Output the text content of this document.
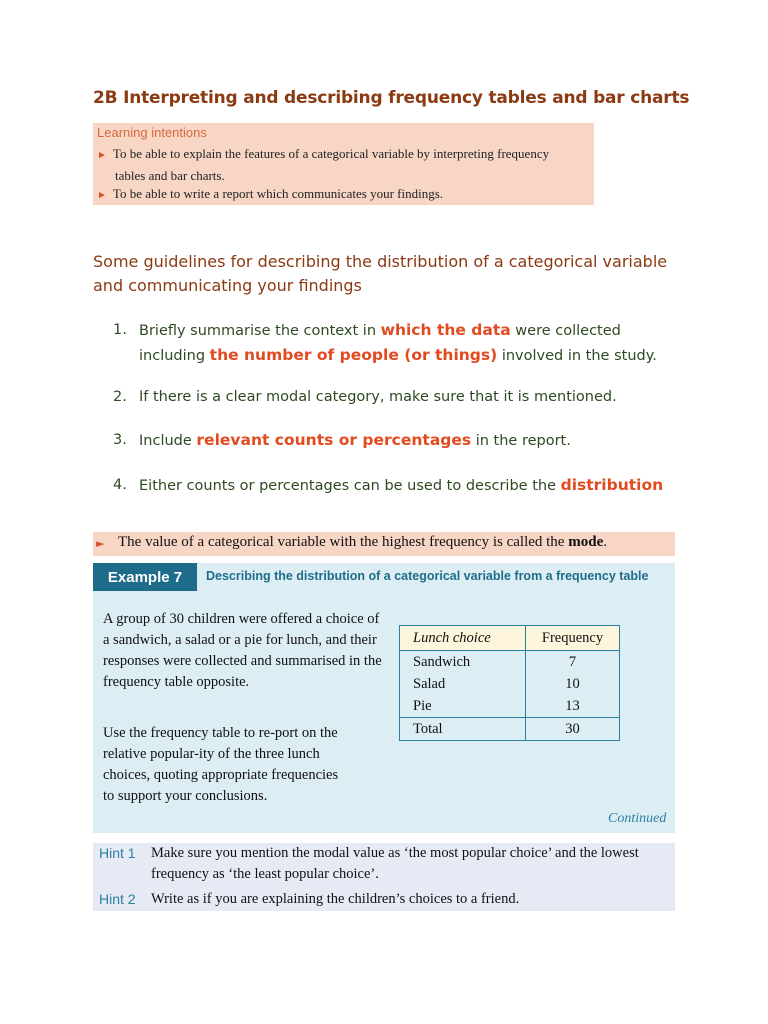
2B Interpreting and describing frequency tables and bar charts
Learning intentions
► To be able to explain the features of a categorical variable by interpreting frequency
tables and bar charts.
► To be able to write a report which communicates your findings.
Some guidelines for describing the distribution of a categorical variable and communicating your findings
1. Briefly summarise the context in which the data were collected
including the number of people (or things) involved in the study.
2. If there is a clear modal category, make sure that it is mentioned.
3. Include relevant counts or percentages in the report.
4. Either counts or percentages can be used to describe the distribution
► The value of a categorical variable with the highest frequency is called the mode.
Example 7	Describing the distribution of a categorical variable from a frequency table
A group of 30 children were offered a choice of a sandwich, a salad or a pie for lunch, and their responses were collected and summarised in the frequency table opposite.
Use the frequency table to re-port on the relative popular-ity of the three lunch choices, quoting appropriate frequencies to support your conclusions.
Lunch choice	Frequency
Sandwich	7
Salad	10
Pie	13
Total	30
Continued
Hint 1 Make sure you mention the modal value as ‘the most popular choice’ and the lowest frequency as ‘the least popular choice’.
Hint 2 Write as if you are explaining the children’s choices to a friend.
